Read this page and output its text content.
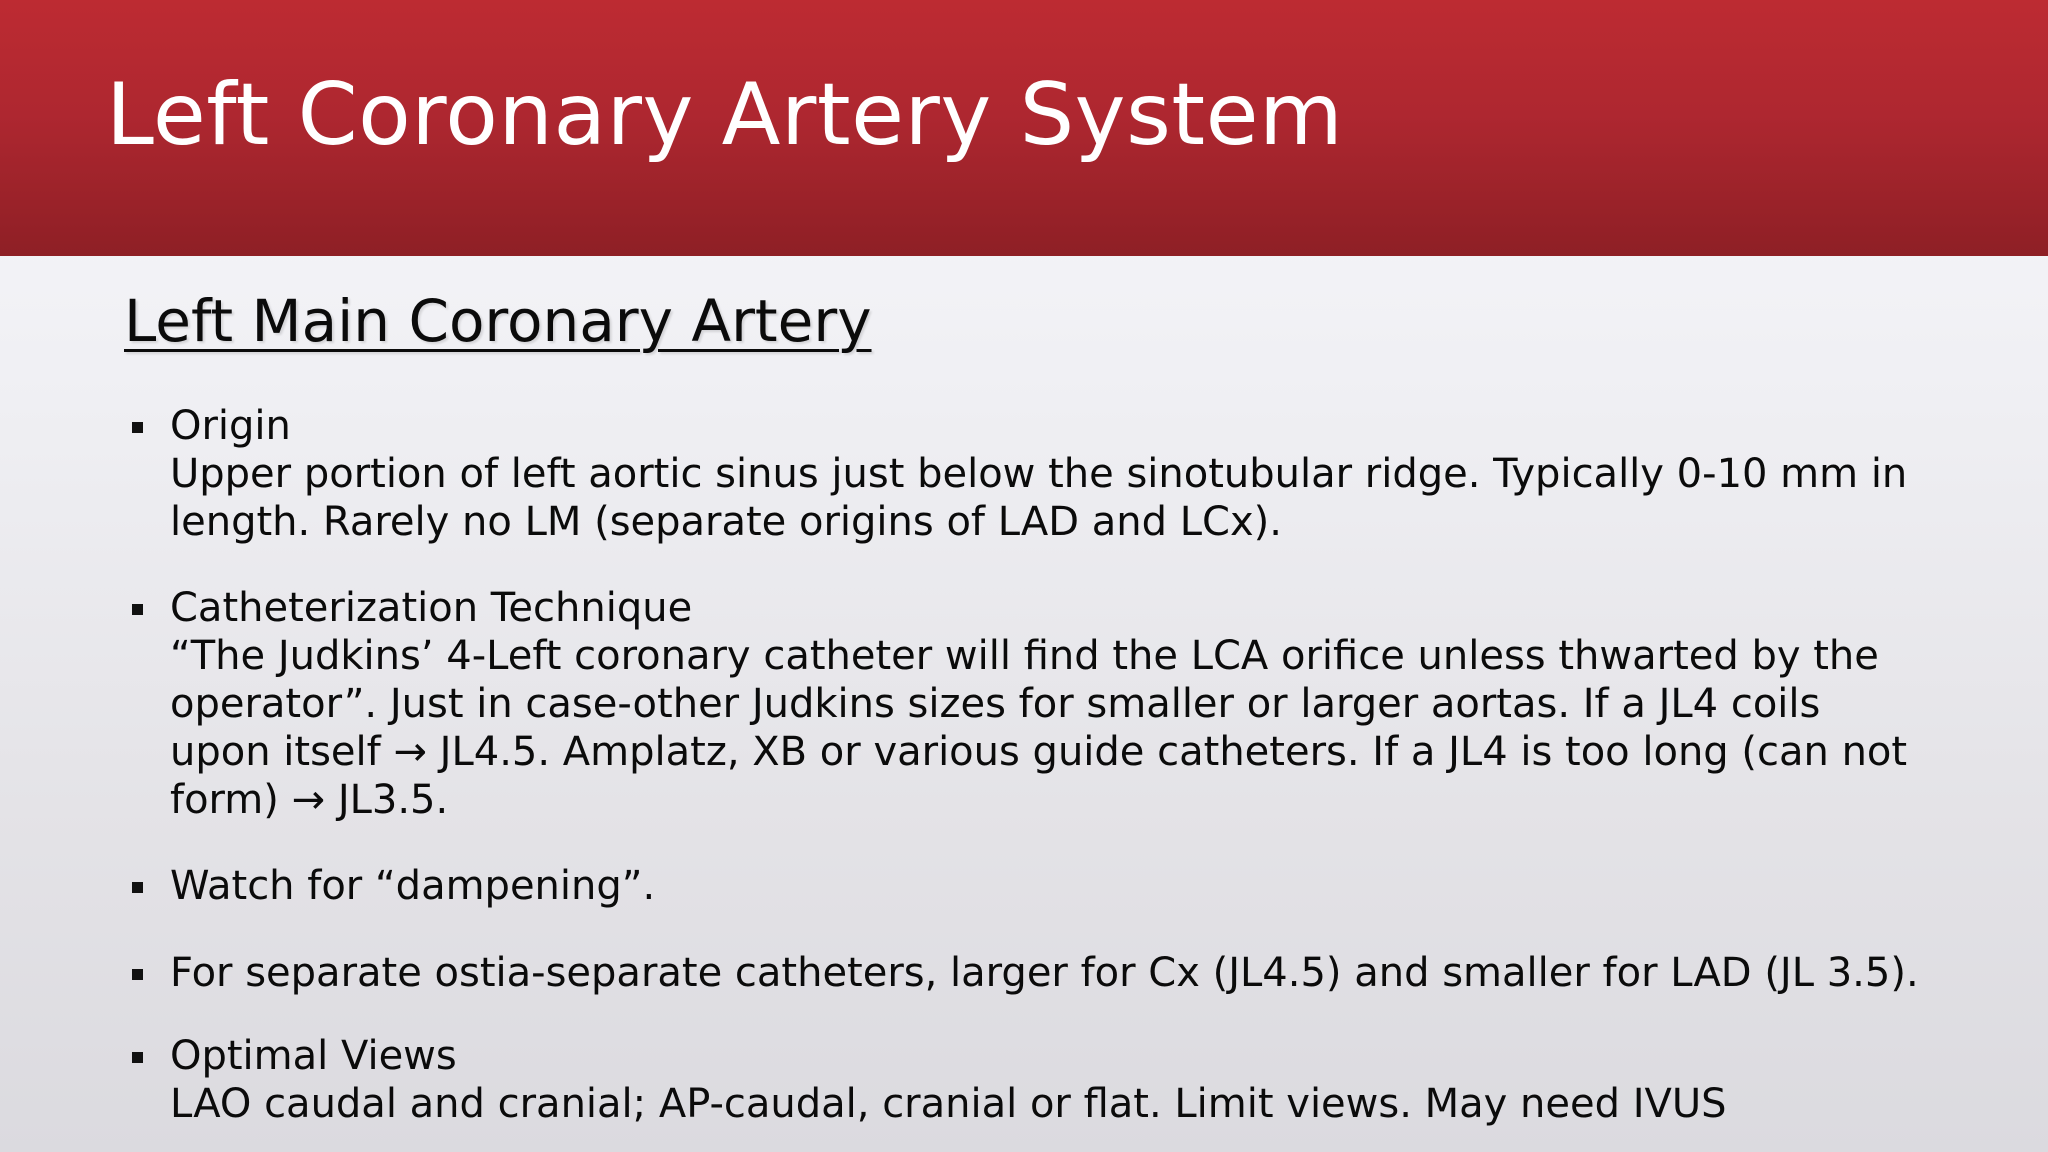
Left Coronary Artery System
Left Main Coronary Artery
Origin
Upper portion of left aortic sinus just below the sinotubular ridge. Typically 0-10 mm in
length. Rarely no LM (separate origins of LAD and LCx).
Catheterization Technique
“The Judkins’ 4-Left coronary catheter will find the LCA orifice unless thwarted by the
operator”. Just in case-other Judkins sizes for smaller or larger aortas. If a JL4 coils
upon itself → JL4.5. Amplatz, XB or various guide catheters. If a JL4 is too long (can not
form) → JL3.5.
Watch for “dampening”.
For separate ostia-separate catheters, larger for Cx (JL4.5) and smaller for LAD (JL 3.5).
Optimal Views
LAO caudal and cranial; AP-caudal, cranial or flat. Limit views. May need IVUS
